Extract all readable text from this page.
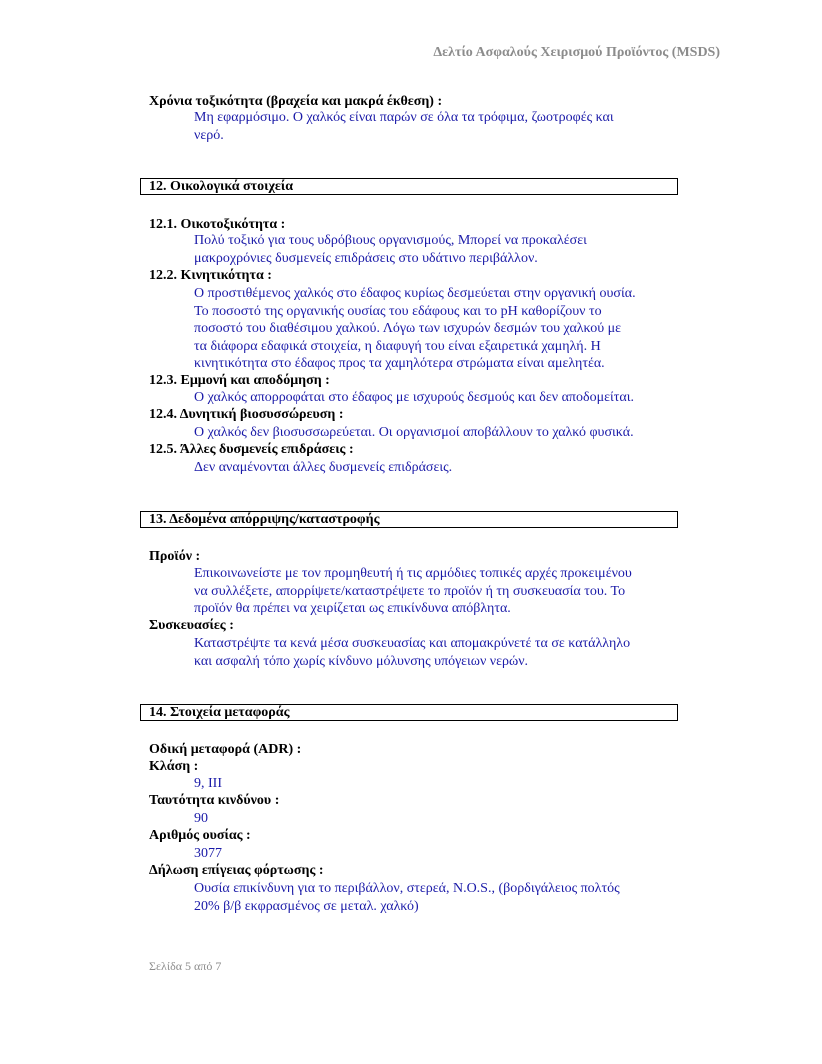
Δελτίο Ασφαλούς Χειρισμού Προϊόντος (MSDS)
Χρόνια τοξικότητα (βραχεία και μακρά έκθεση) :
Μη εφαρμόσιμο. Ο χαλκός είναι παρών σε όλα τα τρόφιμα, ζωοτροφές και
νερό.
12. Οικολογικά στοιχεία
12.1. Οικοτοξικότητα :
Πολύ τοξικό για τους υδρόβιους οργανισμούς, Μπορεί να προκαλέσει
μακροχρόνιες δυσμενείς επιδράσεις στο υδάτινο περιβάλλον.
12.2. Κινητικότητα :
Ο προστιθέμενος χαλκός στο έδαφος κυρίως δεσμεύεται στην οργανική ουσία.
Το ποσοστό της οργανικής ουσίας του εδάφους και το pH καθορίζουν το
ποσοστό του διαθέσιμου χαλκού. Λόγω των ισχυρών δεσμών του χαλκού με
τα διάφορα εδαφικά στοιχεία, η διαφυγή του είναι εξαιρετικά χαμηλή. Η
κινητικότητα στο έδαφος προς τα χαμηλότερα στρώματα είναι αμελητέα.
12.3. Εμμονή και αποδόμηση :
Ο χαλκός απορροφάται στο έδαφος με ισχυρούς δεσμούς και δεν αποδομείται.
12.4. Δυνητική βιοσυσσώρευση :
Ο χαλκός δεν βιοσυσσωρεύεται. Οι οργανισμοί αποβάλλουν το χαλκό φυσικά.
12.5. Άλλες δυσμενείς επιδράσεις :
Δεν αναμένονται άλλες δυσμενείς επιδράσεις.
13. Δεδομένα απόρριψης/καταστροφής
Προϊόν :
Επικοινωνείστε με τον προμηθευτή ή τις αρμόδιες τοπικές αρχές προκειμένου
να συλλέξετε, απορρίψετε/καταστρέψετε το προϊόν ή τη συσκευασία του. Το
προϊόν θα πρέπει να χειρίζεται ως επικίνδυνα απόβλητα.
Συσκευασίες :
Καταστρέψτε τα κενά μέσα συσκευασίας και απομακρύνετέ τα σε κατάλληλο
και ασφαλή τόπο χωρίς κίνδυνο μόλυνσης υπόγειων νερών.
14. Στοιχεία μεταφοράς
Οδική μεταφορά (ADR) :
Κλάση :
9, III
Ταυτότητα κινδύνου :
90
Αριθμός ουσίας :
3077
Δήλωση επίγειας φόρτωσης :
Ουσία επικίνδυνη για το περιβάλλον, στερεά, N.O.S., (βορδιγάλειος πολτός
20% β/β εκφρασμένος σε μεταλ. χαλκό)
Σελίδα 5 από 7
